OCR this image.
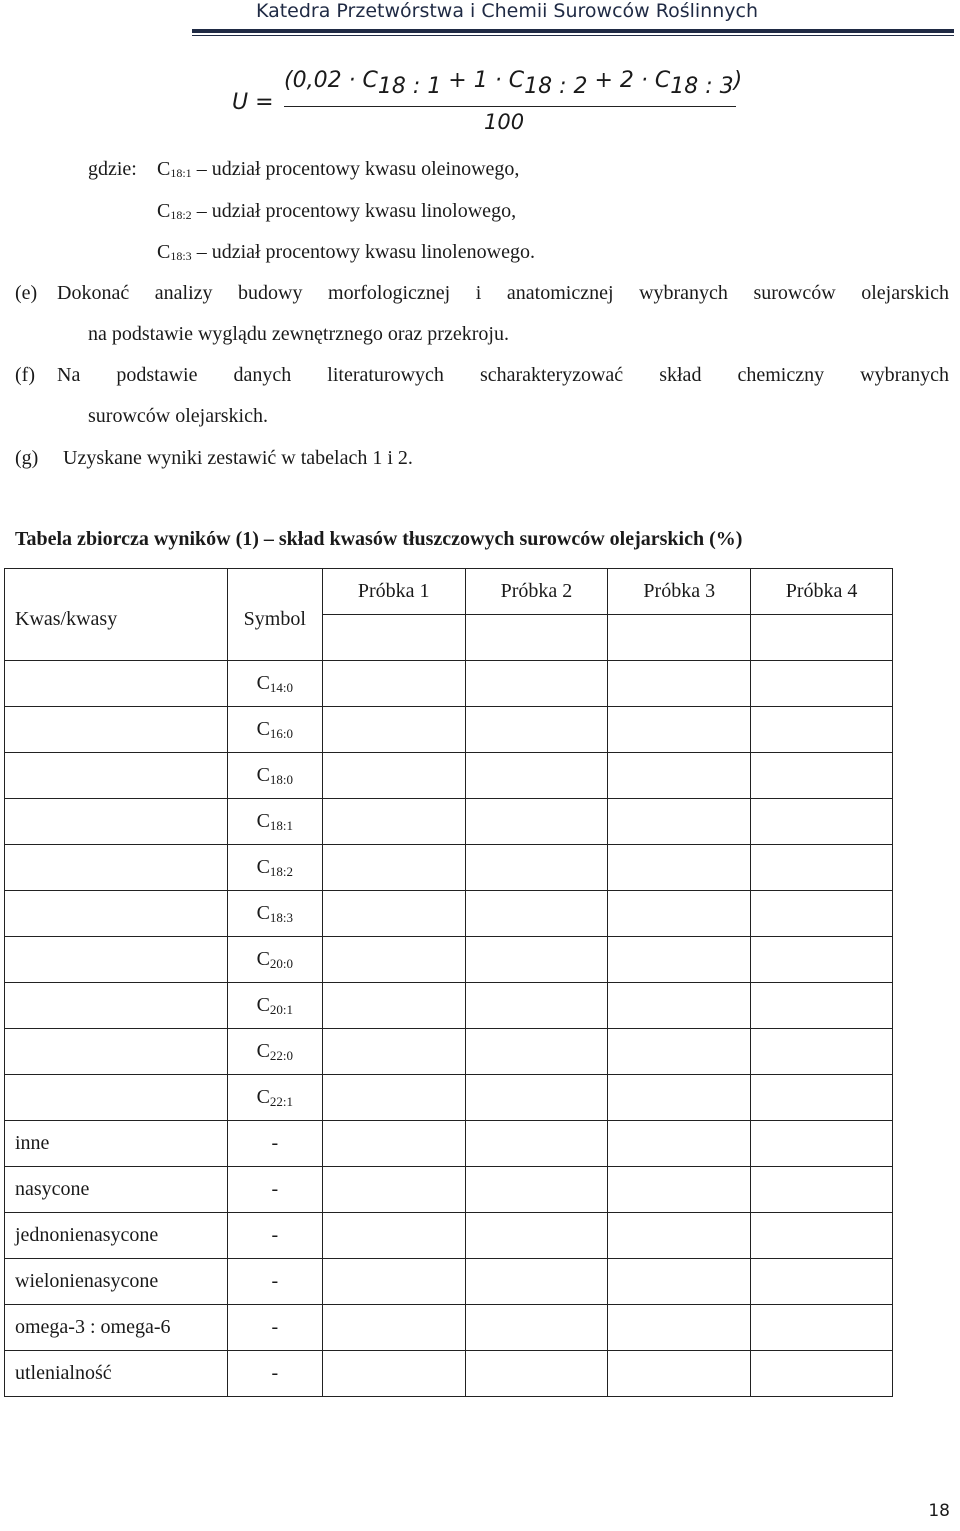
Katedra Przetwórstwa i Chemii Surowców Roślinnych
U =
$(0,02 \cdot C_{18 : 1} + 1 \cdot C_{18 : 2} + 2 \cdot C_{18 : 3})$
100
gdzie: $C_{18:1}$ – udział procentowy kwasu oleinowego,
$C_{18:2}$ – udział procentowy kwasu linolowego,
$C_{18:3}$ – udział procentowy kwasu linolenowego.
(e) Dokonać analizy budowy morfologicznej i anatomicznej wybranych surowców olejarskich
na podstawie wyglądu zewnętrznego oraz przekroju.
(f) Na podstawie danych literaturowych scharakteryzować skład chemiczny wybranych
surowców olejarskich.
(g) Uzyskane wyniki zestawić w tabelach 1 i 2.
Tabela zbiorcza wyników (1) – skład kwasów tłuszczowych surowców olejarskich (%)
Kwas/kwasy	Symbol	Próbka 1	Próbka 2	Próbka 3	Próbka 4

	$C_{14:0}$				
	$C_{16:0}$				
	$C_{18:0}$				
	$C_{18:1}$				
	$C_{18:2}$				
	$C_{18:3}$				
	$C_{20:0}$				
	$C_{20:1}$				
	$C_{22:0}$				
	$C_{22:1}$				
inne	-				
nasycone	-				
jednonienasycone	-				
wielonienasycone	-				
omega-3 : omega-6	-				
utlenialność	-				
18
